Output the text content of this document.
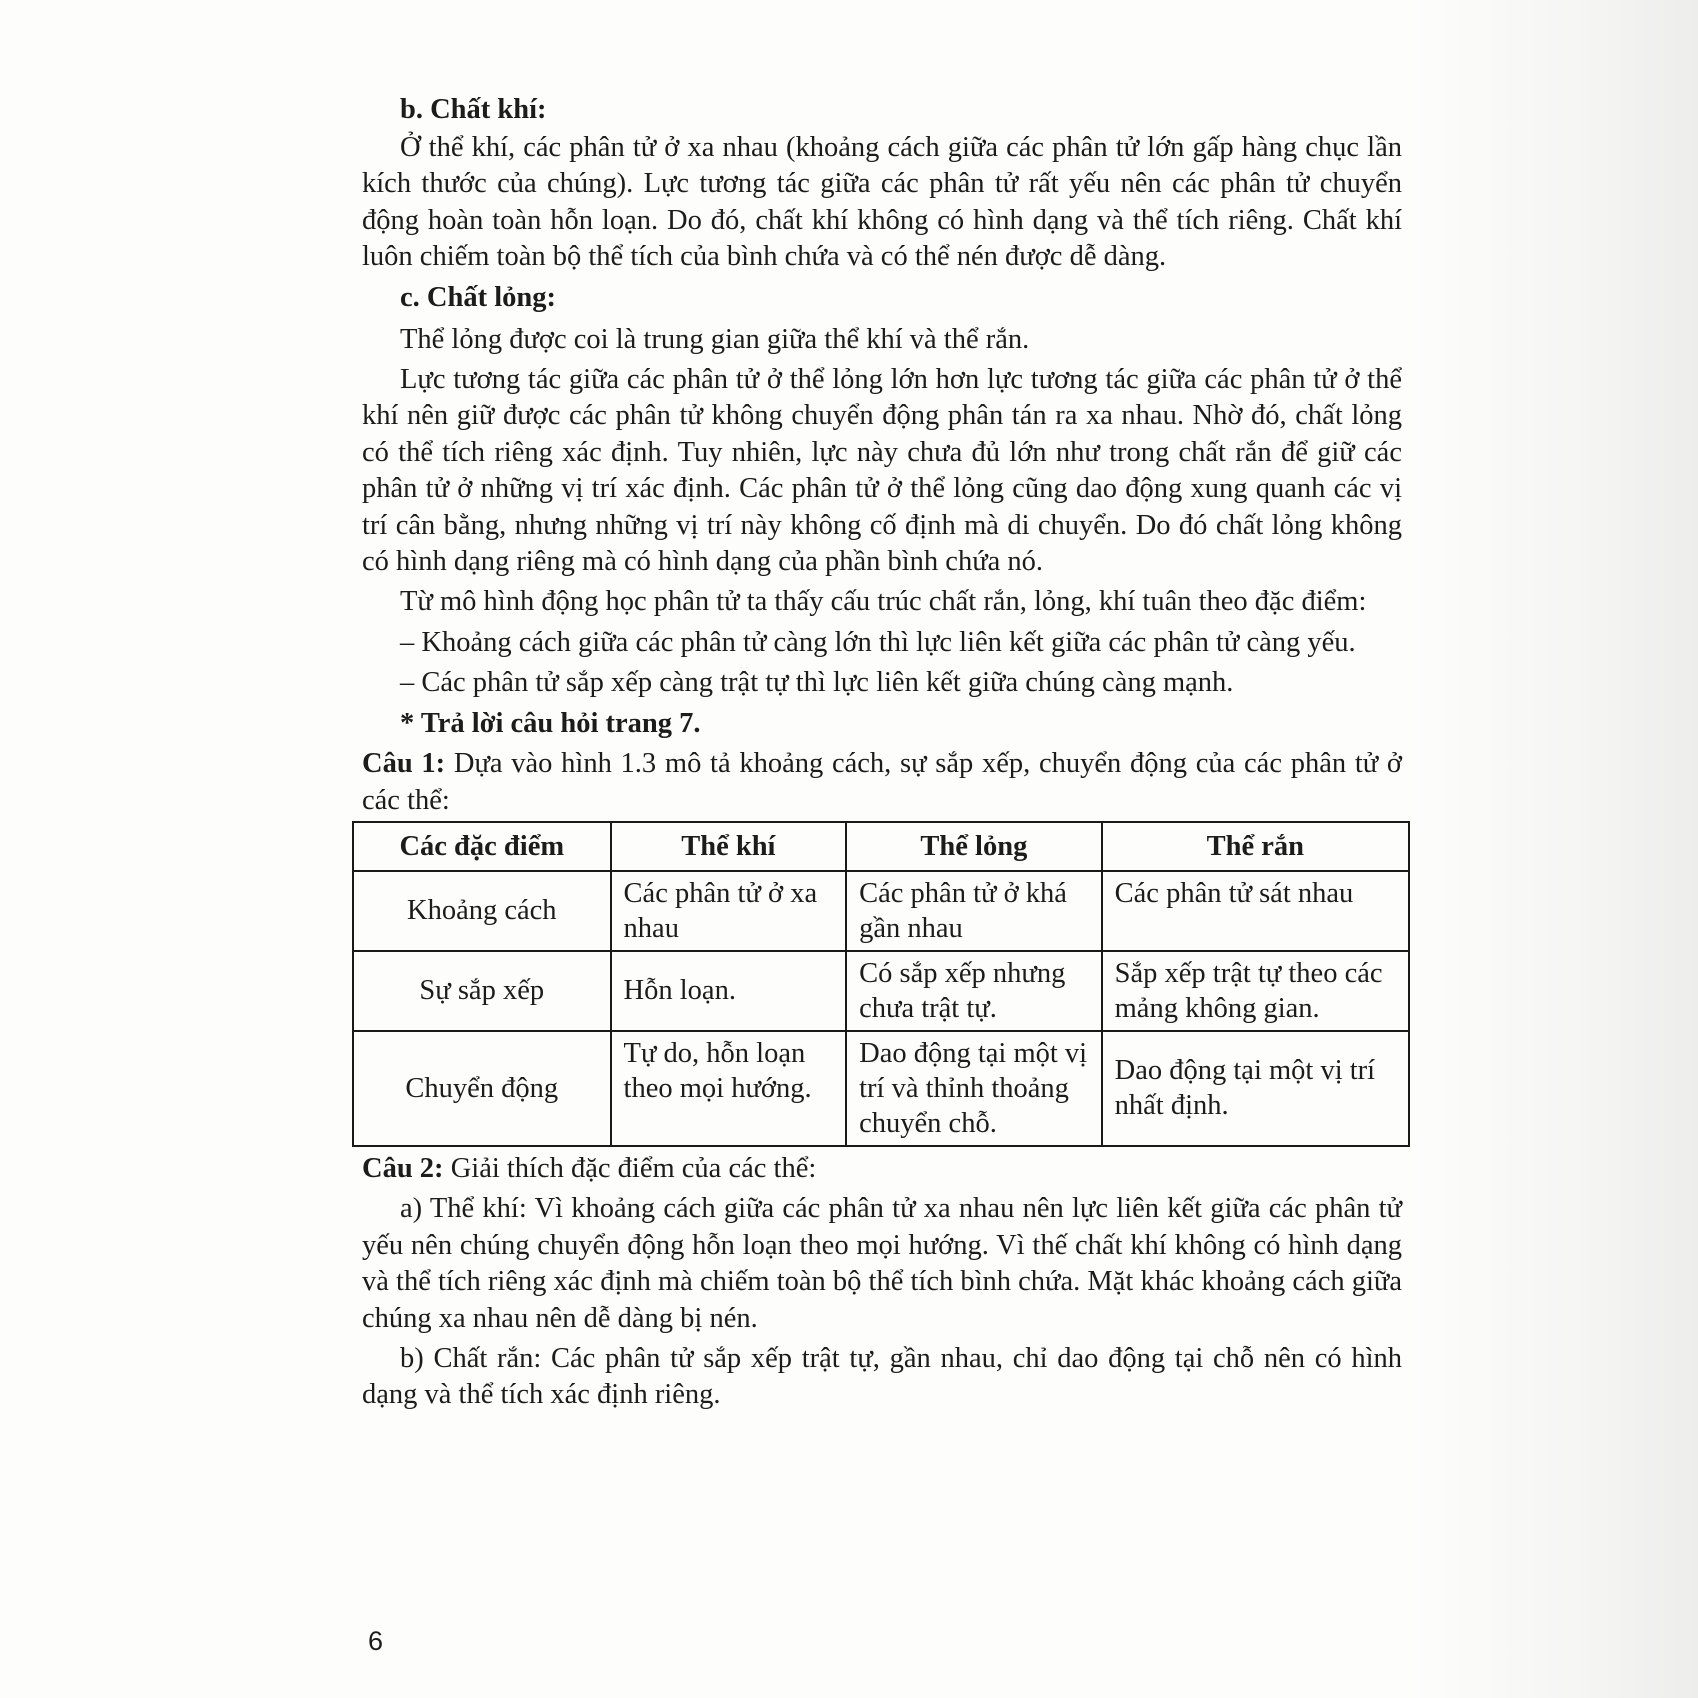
b. Chất khí:

Ở thể khí, các phân tử ở xa nhau (khoảng cách giữa các phân tử lớn gấp hàng chục lần kích thước của chúng). Lực tương tác giữa các phân tử rất yếu nên các phân tử chuyển động hoàn toàn hỗn loạn. Do đó, chất khí không có hình dạng và thể tích riêng. Chất khí luôn chiếm toàn bộ thể tích của bình chứa và có thể nén được dễ dàng.

c. Chất lỏng:

Thể lỏng được coi là trung gian giữa thể khí và thể rắn.

Lực tương tác giữa các phân tử ở thể lỏng lớn hơn lực tương tác giữa các phân tử ở thể khí nên giữ được các phân tử không chuyển động phân tán ra xa nhau. Nhờ đó, chất lỏng có thể tích riêng xác định. Tuy nhiên, lực này chưa đủ lớn như trong chất rắn để giữ các phân tử ở những vị trí xác định. Các phân tử ở thể lỏng cũng dao động xung quanh các vị trí cân bằng, nhưng những vị trí này không cố định mà di chuyển. Do đó chất lỏng không có hình dạng riêng mà có hình dạng của phần bình chứa nó.

Từ mô hình động học phân tử ta thấy cấu trúc chất rắn, lỏng, khí tuân theo đặc điểm:

– Khoảng cách giữa các phân tử càng lớn thì lực liên kết giữa các phân tử càng yếu.

– Các phân tử sắp xếp càng trật tự thì lực liên kết giữa chúng càng mạnh.

* Trả lời câu hỏi trang 7.

Câu 1: Dựa vào hình 1.3 mô tả khoảng cách, sự sắp xếp, chuyển động của các phân tử ở các thể:

Các đặc điểm	Thể khí	Thể lỏng	Thể rắn
Khoảng cách	Các phân tử ở xa nhau	Các phân tử ở khá gần nhau	Các phân tử sát nhau
Sự sắp xếp	Hỗn loạn.	Có sắp xếp nhưng chưa trật tự.	Sắp xếp trật tự theo các mảng không gian.
Chuyển động	Tự do, hỗn loạn theo mọi hướng.	Dao động tại một vị trí và thỉnh thoảng chuyển chỗ.	Dao động tại một vị trí nhất định.

Câu 2: Giải thích đặc điểm của các thể:

a) Thể khí: Vì khoảng cách giữa các phân tử xa nhau nên lực liên kết giữa các phân tử yếu nên chúng chuyển động hỗn loạn theo mọi hướng. Vì thế chất khí không có hình dạng và thể tích riêng xác định mà chiếm toàn bộ thể tích bình chứa. Mặt khác khoảng cách giữa chúng xa nhau nên dễ dàng bị nén.

b) Chất rắn: Các phân tử sắp xếp trật tự, gần nhau, chỉ dao động tại chỗ nên có hình dạng và thể tích xác định riêng.

6
